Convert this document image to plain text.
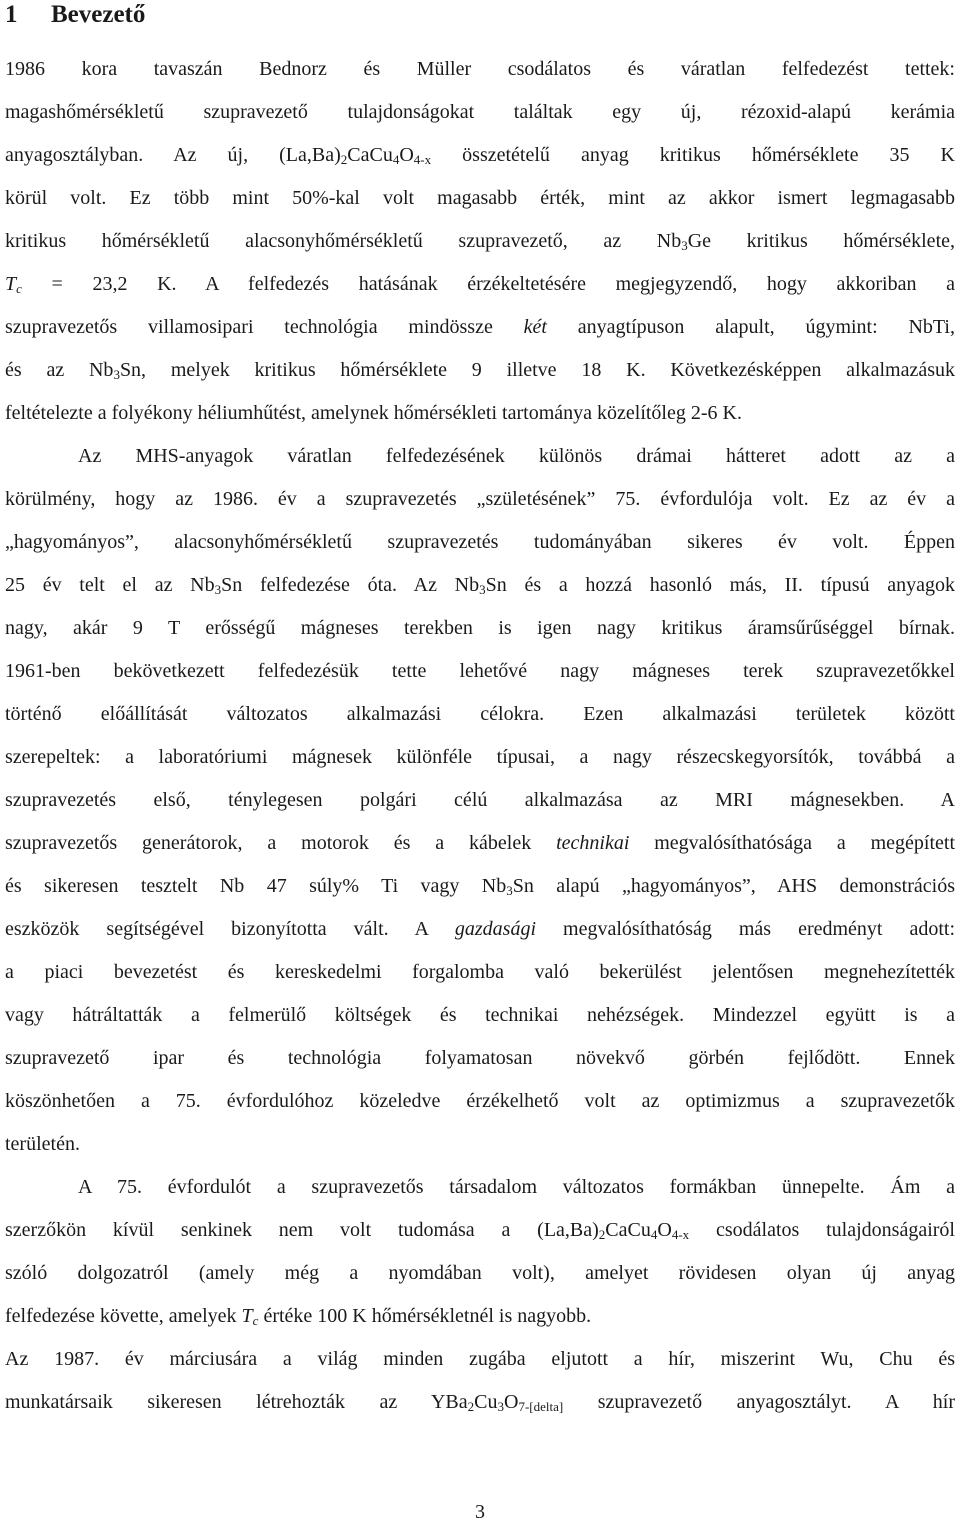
1 Bevezető
1986 kora tavaszán Bednorz és Müller csodálatos és váratlan felfedezést tettek:
magashőmérsékletű szupravezető tulajdonságokat találtak egy új, rézoxid-alapú kerámia
anyagosztályban. Az új, $(La,Ba)_2CaCu_4O_{4-x}$ összetételű anyag kritikus hőmérséklete 35 K
körül volt. Ez több mint 50%-kal volt magasabb érték, mint az akkor ismert legmagasabb
kritikus hőmérsékletű alacsonyhőmérsékletű szupravezető, az $Nb_3Ge$ kritikus hőmérséklete,
$T_c = 23,2$ K. A felfedezés hatásának érzékeltetésére megjegyzendő, hogy akkoriban a
szupravezetős villamosipari technológia mindössze két anyagtípuson alapult, úgymint: NbTi,
és az $Nb_3Sn$, melyek kritikus hőmérséklete 9 illetve 18 K. Következésképpen alkalmazásuk
feltételezte a folyékony héliumhűtést, amelynek hőmérsékleti tartománya közelítőleg 2-6 K.
Az MHS-anyagok váratlan felfedezésének különös drámai hátteret adott az a
körülmény, hogy az 1986. év a szupravezetés „születésének” 75. évfordulója volt. Ez az év a
„hagyományos”, alacsonyhőmérsékletű szupravezetés tudományában sikeres év volt. Éppen
25 év telt el az $Nb_3Sn$ felfedezése óta. Az $Nb_3Sn$ és a hozzá hasonló más, II. típusú anyagok
nagy, akár 9 T erősségű mágneses terekben is igen nagy kritikus áramsűrűséggel bírnak.
1961-ben bekövetkezett felfedezésük tette lehetővé nagy mágneses terek szupravezetőkkel
történő előállítását változatos alkalmazási célokra. Ezen alkalmazási területek között
szerepeltek: a laboratóriumi mágnesek különféle típusai, a nagy részecskegyorsítók, továbbá a
szupravezetés első, ténylegesen polgári célú alkalmazása az MRI mágnesekben. A
szupravezetős generátorok, a motorok és a kábelek technikai megvalósíthatósága a megépített
és sikeresen tesztelt Nb 47 súly% Ti vagy $Nb_3Sn$ alapú „hagyományos”, AHS demonstrációs
eszközök segítségével bizonyította vált. A gazdasági megvalósíthatóság más eredményt adott:
a piaci bevezetést és kereskedelmi forgalomba való bekerülést jelentősen megnehezítették
vagy hátráltatták a felmerülő költségek és technikai nehézségek. Mindezzel együtt is a
szupravezető ipar és technológia folyamatosan növekvő görbén fejlődött. Ennek
köszönhetően a 75. évfordulóhoz közeledve érzékelhető volt az optimizmus a szupravezetők
területén.
A 75. évfordulót a szupravezetős társadalom változatos formákban ünnepelte. Ám a
szerzőkön kívül senkinek nem volt tudomása a $(La,Ba)_2CaCu_4O_{4-x}$ csodálatos tulajdonságairól
szóló dolgozatról (amely még a nyomdában volt), amelyet rövidesen olyan új anyag
felfedezése követte, amelyek $T_c$ értéke 100 K hőmérsékletnél is nagyobb.
Az 1987. év márciusára a világ minden zugába eljutott a hír, miszerint Wu, Chu és
munkatársaik sikeresen létrehozták az $YBa_2Cu_3O_{7-[delta]}$ szupravezető anyagosztályt. A hír
3
